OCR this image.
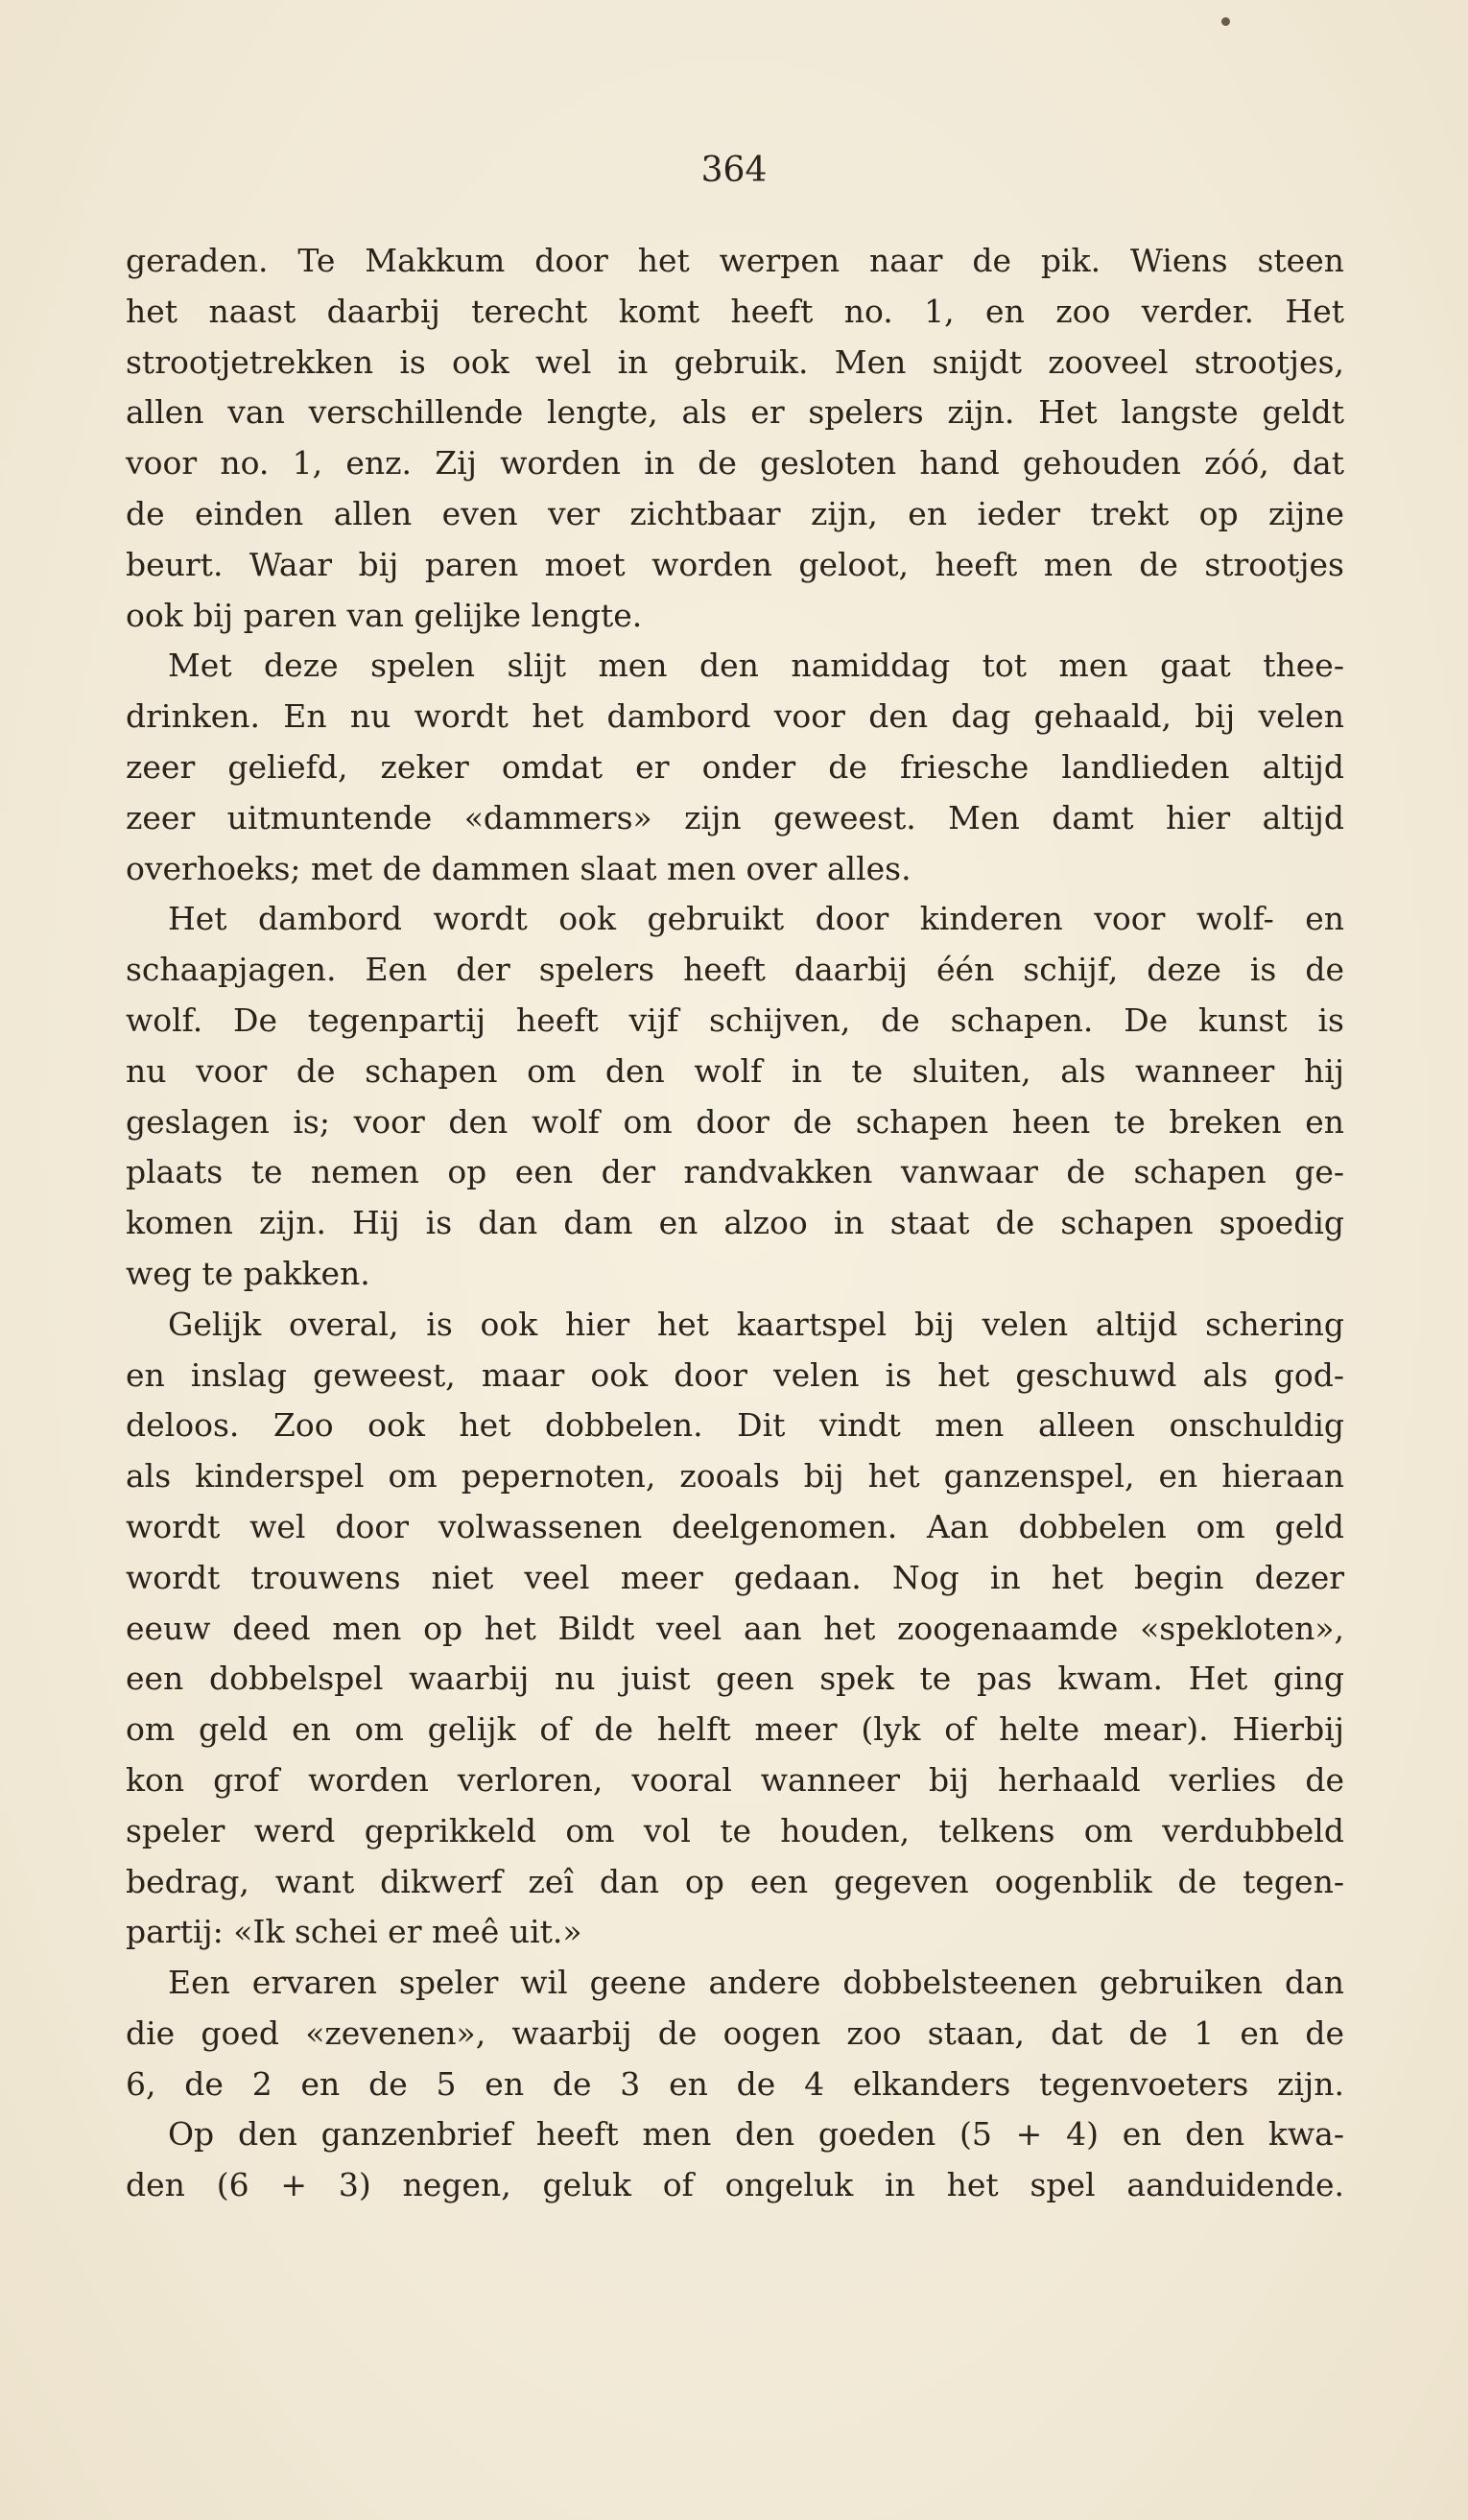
364
geraden. Te Makkum door het werpen naar de pik. Wiens steen
het naast daarbij terecht komt heeft no. 1, en zoo verder. Het
strootjetrekken is ook wel in gebruik. Men snijdt zooveel strootjes,
allen van verschillende lengte, als er spelers zijn. Het langste geldt
voor no. 1, enz. Zij worden in de gesloten hand gehouden zóó, dat
de einden allen even ver zichtbaar zijn, en ieder trekt op zijne
beurt. Waar bij paren moet worden geloot, heeft men de strootjes
ook bij paren van gelijke lengte.
Met deze spelen slijt men den namiddag tot men gaat thee-
drinken. En nu wordt het dambord voor den dag gehaald, bij velen
zeer geliefd, zeker omdat er onder de friesche landlieden altijd
zeer uitmuntende «dammers» zijn geweest. Men damt hier altijd
overhoeks; met de dammen slaat men over alles.
Het dambord wordt ook gebruikt door kinderen voor wolf- en
schaapjagen. Een der spelers heeft daarbij één schijf, deze is de
wolf. De tegenpartij heeft vijf schijven, de schapen. De kunst is
nu voor de schapen om den wolf in te sluiten, als wanneer hij
geslagen is; voor den wolf om door de schapen heen te breken en
plaats te nemen op een der randvakken vanwaar de schapen ge-
komen zijn. Hij is dan dam en alzoo in staat de schapen spoedig
weg te pakken.
Gelijk overal, is ook hier het kaartspel bij velen altijd schering
en inslag geweest, maar ook door velen is het geschuwd als god-
deloos. Zoo ook het dobbelen. Dit vindt men alleen onschuldig
als kinderspel om pepernoten, zooals bij het ganzenspel, en hieraan
wordt wel door volwassenen deelgenomen. Aan dobbelen om geld
wordt trouwens niet veel meer gedaan. Nog in het begin dezer
eeuw deed men op het Bildt veel aan het zoogenaamde «spekloten»,
een dobbelspel waarbij nu juist geen spek te pas kwam. Het ging
om geld en om gelijk of de helft meer (lyk of helte mear). Hierbij
kon grof worden verloren, vooral wanneer bij herhaald verlies de
speler werd geprikkeld om vol te houden, telkens om verdubbeld
bedrag, want dikwerf zeî dan op een gegeven oogenblik de tegen-
partij: «Ik schei er meê uit.»
Een ervaren speler wil geene andere dobbelsteenen gebruiken dan
die goed «zevenen», waarbij de oogen zoo staan, dat de 1 en de
6, de 2 en de 5 en de 3 en de 4 elkanders tegenvoeters zijn.
Op den ganzenbrief heeft men den goeden (5 + 4) en den kwa-
den (6 + 3) negen, geluk of ongeluk in het spel aanduidende.
